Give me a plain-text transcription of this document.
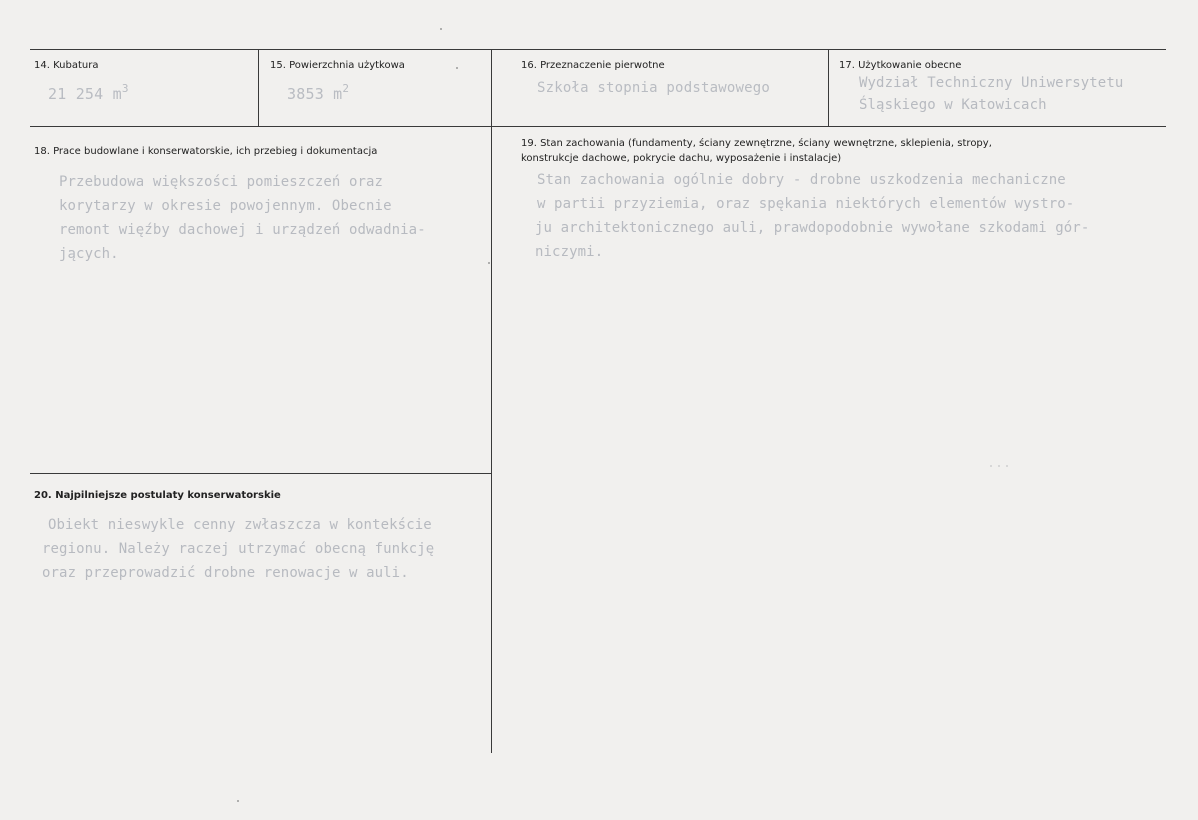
14. Kubatura
21 254 $m^3$
15. Powierzchnia użytkowa
3853 $m^2$
16. Przeznaczenie pierwotne
Szkoła stopnia podstawowego
17. Użytkowanie obecne
Wydział Techniczny Uniwersytetu
Śląskiego w Katowicach
18. Prace budowlane i konserwatorskie, ich przebieg i dokumentacja
Przebudowa większości pomieszczeń oraz
korytarzy w okresie powojennym. Obecnie
remont więźby dachowej i urządzeń odwadnia-
jących.
19. Stan zachowania (fundamenty, ściany zewnętrzne, ściany wewnętrzne, sklepienia, stropy,
konstrukcje dachowe, pokrycie dachu, wyposażenie i instalacje)
Stan zachowania ogólnie dobry - drobne uszkodzenia mechaniczne
w partii przyziemia, oraz spękania niektórych elementów wystro-
ju architektonicznego auli, prawdopodobnie wywołane szkodami gór-
niczymi.
20. Najpilniejsze postulaty konserwatorskie
Obiekt nieswykle cenny zwłaszcza w kontekście
regionu. Należy raczej utrzymać obecną funkcję
oraz przeprowadzić drobne renowacje w auli.
